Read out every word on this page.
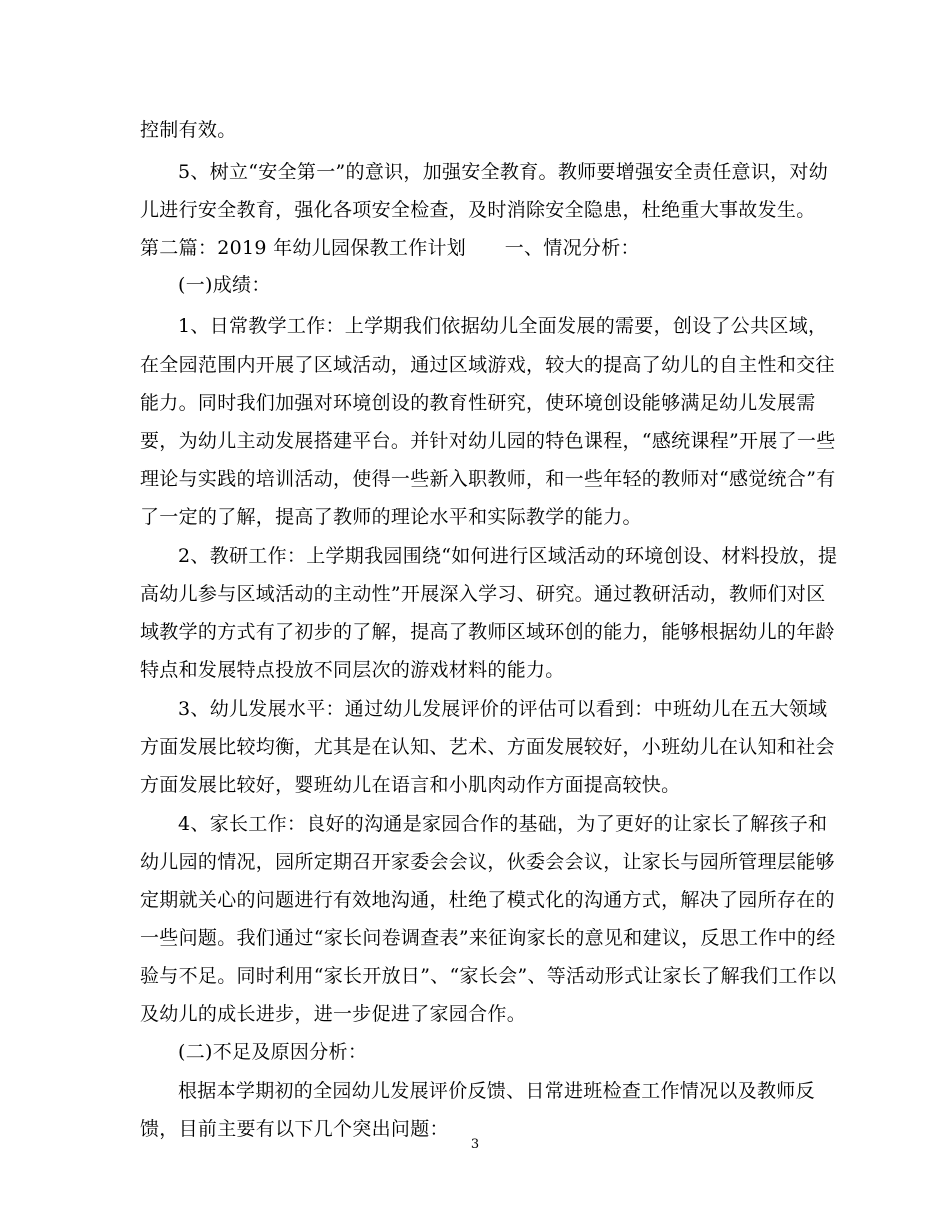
控制有效。
5、树立“安全第一”的意识，加强安全教育。教师要增强安全责任意识，对幼
儿进行安全教育，强化各项安全检查，及时消除安全隐患，杜绝重大事故发生。
第二篇：2019 年幼儿园保教工作计划　　一、情况分析：
(一)成绩：
1、日常教学工作：上学期我们依据幼儿全面发展的需要，创设了公共区域，
在全园范围内开展了区域活动，通过区域游戏，较大的提高了幼儿的自主性和交往
能力。同时我们加强对环境创设的教育性研究，使环境创设能够满足幼儿发展需
要，为幼儿主动发展搭建平台。并针对幼儿园的特色课程，“感统课程”开展了一些
理论与实践的培训活动，使得一些新入职教师，和一些年轻的教师对“感觉统合”有
了一定的了解，提高了教师的理论水平和实际教学的能力。
2、教研工作：上学期我园围绕“如何进行区域活动的环境创设、材料投放，提
高幼儿参与区域活动的主动性”开展深入学习、研究。通过教研活动，教师们对区
域教学的方式有了初步的了解，提高了教师区域环创的能力，能够根据幼儿的年龄
特点和发展特点投放不同层次的游戏材料的能力。
3、幼儿发展水平：通过幼儿发展评价的评估可以看到：中班幼儿在五大领域
方面发展比较均衡，尤其是在认知、艺术、方面发展较好，小班幼儿在认知和社会
方面发展比较好，婴班幼儿在语言和小肌肉动作方面提高较快。
4、家长工作：良好的沟通是家园合作的基础，为了更好的让家长了解孩子和
幼儿园的情况，园所定期召开家委会会议，伙委会会议，让家长与园所管理层能够
定期就关心的问题进行有效地沟通，杜绝了模式化的沟通方式，解决了园所存在的
一些问题。我们通过“家长问卷调查表”来征询家长的意见和建议，反思工作中的经
验与不足。同时利用“家长开放日”、“家长会”、等活动形式让家长了解我们工作以
及幼儿的成长进步，进一步促进了家园合作。
(二)不足及原因分析：
根据本学期初的全园幼儿发展评价反馈、日常进班检查工作情况以及教师反
馈，目前主要有以下几个突出问题：
3
